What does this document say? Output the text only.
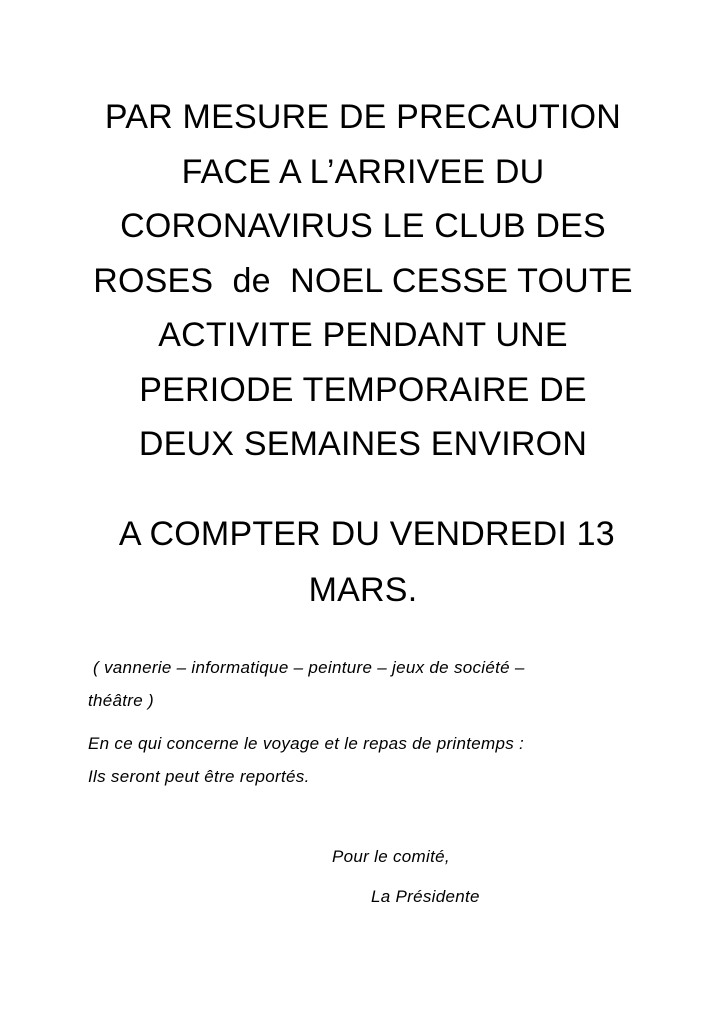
PAR MESURE DE PRECAUTION
FACE A L’ARRIVEE DU
CORONAVIRUS LE CLUB DES
ROSES  de  NOEL CESSE TOUTE
ACTIVITE PENDANT UNE
PERIODE TEMPORAIRE DE
DEUX SEMAINES ENVIRON

A COMPTER DU VENDREDI 13
MARS.

( vannerie – informatique – peinture – jeux de société –
théâtre )

En ce qui concerne le voyage et le repas de printemps :
Ils seront peut être reportés.

Pour le comité,
La Présidente
